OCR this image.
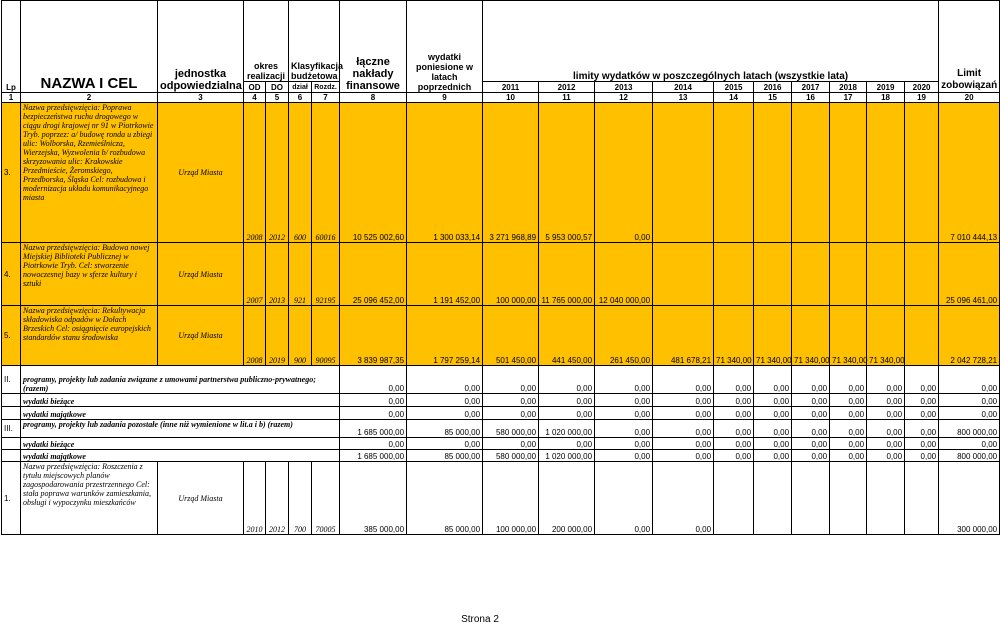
Lp	NAZWA I CEL	jednostka odpowiedzialna	okres realizacji		Klasyfikacja budżetowa		łączne nakłady finansowe	wydatki poniesione w latach poprzednich	limity wydatków w poszczególnych latach (wszystkie lata)										Limit zobowiązań
			OD	DO	dział	Rozdz.			2011	2012	2013	2014	2015	2016	2017	2018	2019	2020	
1	2	3	4	5	6	7	8	9	10	11	12	13	14	15	16	17	18	19	20
3.	Nazwa przedsięwzięcia: Poprawa bezpieczeństwa ruchu drogowego w ciągu drogi krajowej nr 91 w Piotrkowie Tryb. poprzez: a/ budowę ronda u zbiegi ulic: Wolborska, Rzemieślnicza, Wierzejska, Wyzwolenia b/ rozbudowa skrzyzowania ulic: Krakowskie Przedmieście, Żeromskiego, Przedborska, Śląska Cel: rozbudowa i modernizacja układu komunikacyjnego miasta	Urząd Miasta	2008	2012	600	60016	10 525 002,60	1 300 033,14	3 271 968,89	5 953 000,57	0,00								7 010 444,13
4.	Nazwa przedsięwzięcia: Budowa nowej Miejskiej Biblioteki Publicznej w Piotrkowie Tryb. Cel: stworzenie nowoczesnej bazy w sferze kultury i sztuki	Urząd Miasta	2007	2013	921	92195	25 096 452,00	1 191 452,00	100 000,00	11 765 000,00	12 040 000,00								25 096 461,00
5.	Nazwa przedsięwzięcia: Rekultywacja składowiska odpadów w Dołach Brzeskich Cel: osiągnięcie europejskich standardów stanu środowiska	Urząd Miasta	2008	2019	900	90095	3 839 987,35	1 797 259,14	501 450,00	441 450,00	261 450,00	481 678,21	71 340,00	71 340,00	71 340,00	71 340,00	71 340,00		2 042 728,21
II.	programy, projekty lub zadania związane z umowami partnerstwa publiczno-prywatnego; (razem)						0,00	0,00	0,00	0,00	0,00	0,00	0,00	0,00	0,00	0,00	0,00	0,00	0,00
	wydatki bieżące						0,00	0,00	0,00	0,00	0,00	0,00	0,00	0,00	0,00	0,00	0,00	0,00	0,00
	wydatki majątkowe						0,00	0,00	0,00	0,00	0,00	0,00	0,00	0,00	0,00	0,00	0,00	0,00	0,00
III.	programy, projekty lub zadania pozostałe (inne niż wymienione w lit.a i b) (razem)						1 685 000,00	85 000,00	580 000,00	1 020 000,00	0,00	0,00	0,00	0,00	0,00	0,00	0,00	0,00	800 000,00
	wydatki bieżące						0,00	0,00	0,00	0,00	0,00	0,00	0,00	0,00	0,00	0,00	0,00	0,00	0,00
	wydatki majątkowe						1 685 000,00	85 000,00	580 000,00	1 020 000,00	0,00	0,00	0,00	0,00	0,00	0,00	0,00	0,00	800 000,00
1.	Nazwa przedsięwzięcia: Roszczenia z tytułu miejscowych planów zagospodarowania przestrzennego Cel: stała poprawa warunków zamieszkania, obsługi i wypoczynku mieszkańców	Urząd Miasta	2010	2012	700	70005	385 000,00	85 000,00	100 000,00	200 000,00	0,00	0,00							300 000,00
Strona 2
